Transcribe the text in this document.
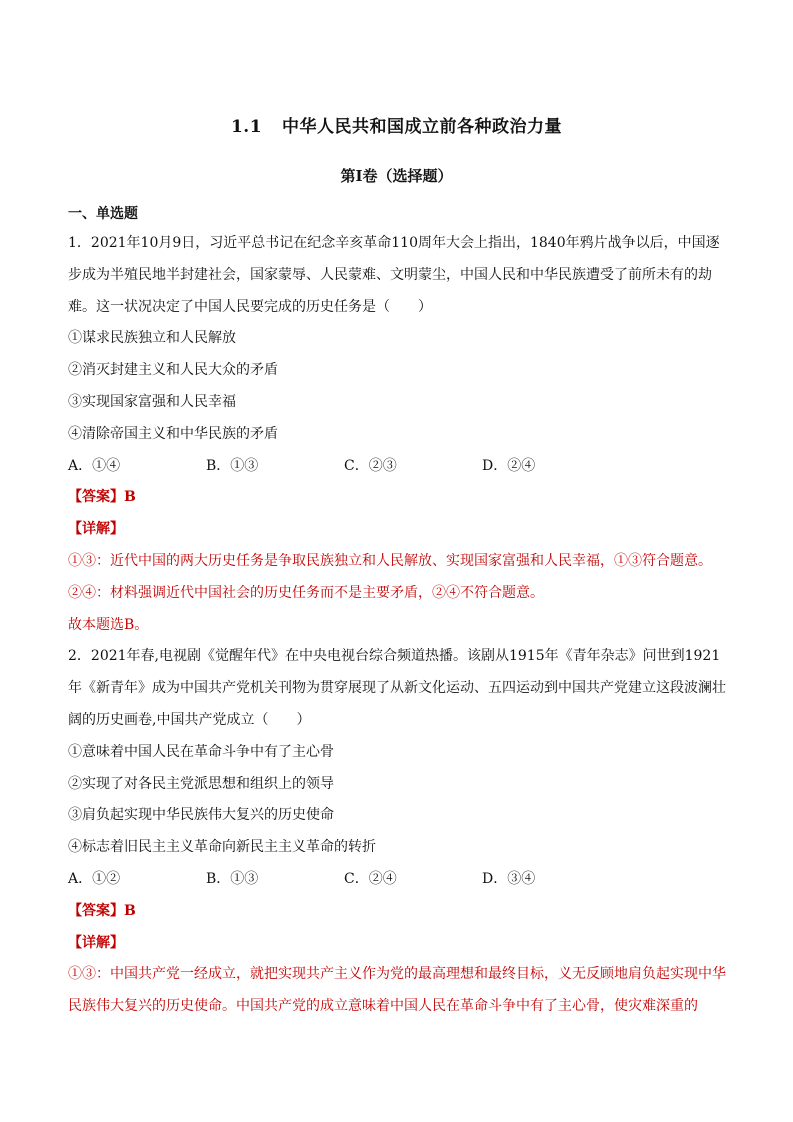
1.1 中华人民共和国成立前各种政治力量
第I卷（选择题）
一、单选题
1．2021年10月9日，习近平总书记在纪念辛亥革命110周年大会上指出，1840年鸦片战争以后，中国逐步成为半殖民地半封建社会，国家蒙辱、人民蒙难、文明蒙尘，中国人民和中华民族遭受了前所未有的劫难。这一状况决定了中国人民要完成的历史任务是（　　）
①谋求民族独立和人民解放
②消灭封建主义和人民大众的矛盾
③实现国家富强和人民幸福
④清除帝国主义和中华民族的矛盾
A．①④	B．①③	C．②③	D．②④
【答案】B
【详解】
①③：近代中国的两大历史任务是争取民族独立和人民解放、实现国家富强和人民幸福，①③符合题意。
②④：材料强调近代中国社会的历史任务而不是主要矛盾，②④不符合题意。
故本题选B。
2．2021年春,电视剧《觉醒年代》在中央电视台综合频道热播。该剧从1915年《青年杂志》问世到1921年《新青年》成为中国共产党机关刊物为贯穿展现了从新文化运动、五四运动到中国共产党建立这段波澜壮阔的历史画卷,中国共产党成立（　　）
①意味着中国人民在革命斗争中有了主心骨
②实现了对各民主党派思想和组织上的领导
③肩负起实现中华民族伟大复兴的历史使命
④标志着旧民主主义革命向新民主主义革命的转折
A．①②	B．①③	C．②④	D．③④
【答案】B
【详解】
①③：中国共产党一经成立，就把实现共产主义作为党的最高理想和最终目标，义无反顾地肩负起实现中华民族伟大复兴的历史使命。中国共产党的成立意味着中国人民在革命斗争中有了主心骨，使灾难深重的
